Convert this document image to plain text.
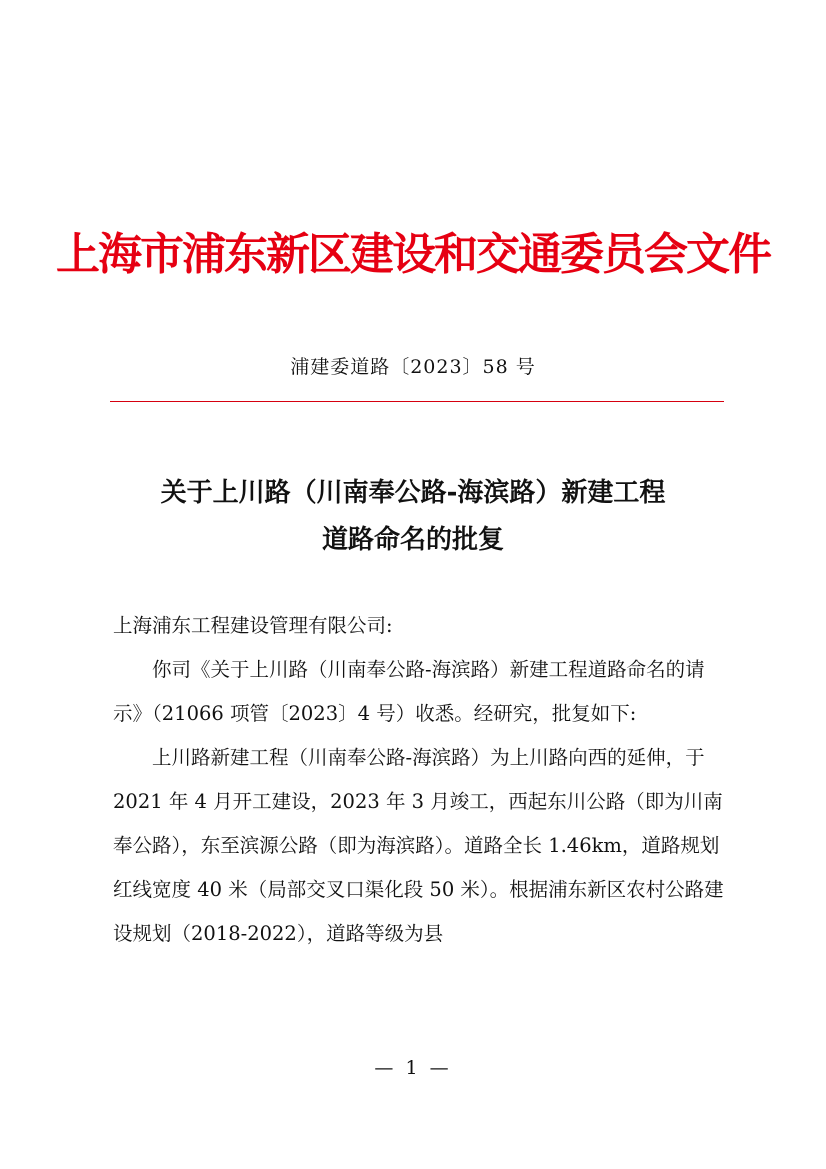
上海市浦东新区建设和交通委员会文件
浦建委道路〔2023〕58 号
关于上川路（川南奉公路-海滨路）新建工程
道路命名的批复

上海浦东工程建设管理有限公司:

你司《关于上川路（川南奉公路-海滨路）新建工程道路命名的请示》（21066 项管〔2023〕4 号）收悉。经研究，批复如下:

上川路新建工程（川南奉公路-海滨路）为上川路向西的延伸，于 2021 年 4 月开工建设，2023 年 3 月竣工，西起东川公路（即为川南奉公路），东至滨源公路（即为海滨路）。道路全长 1.46km，道路规划红线宽度 40 米（局部交叉口渠化段 50 米）。根据浦东新区农村公路建设规划（2018-2022），道路等级为县

— 1 —
